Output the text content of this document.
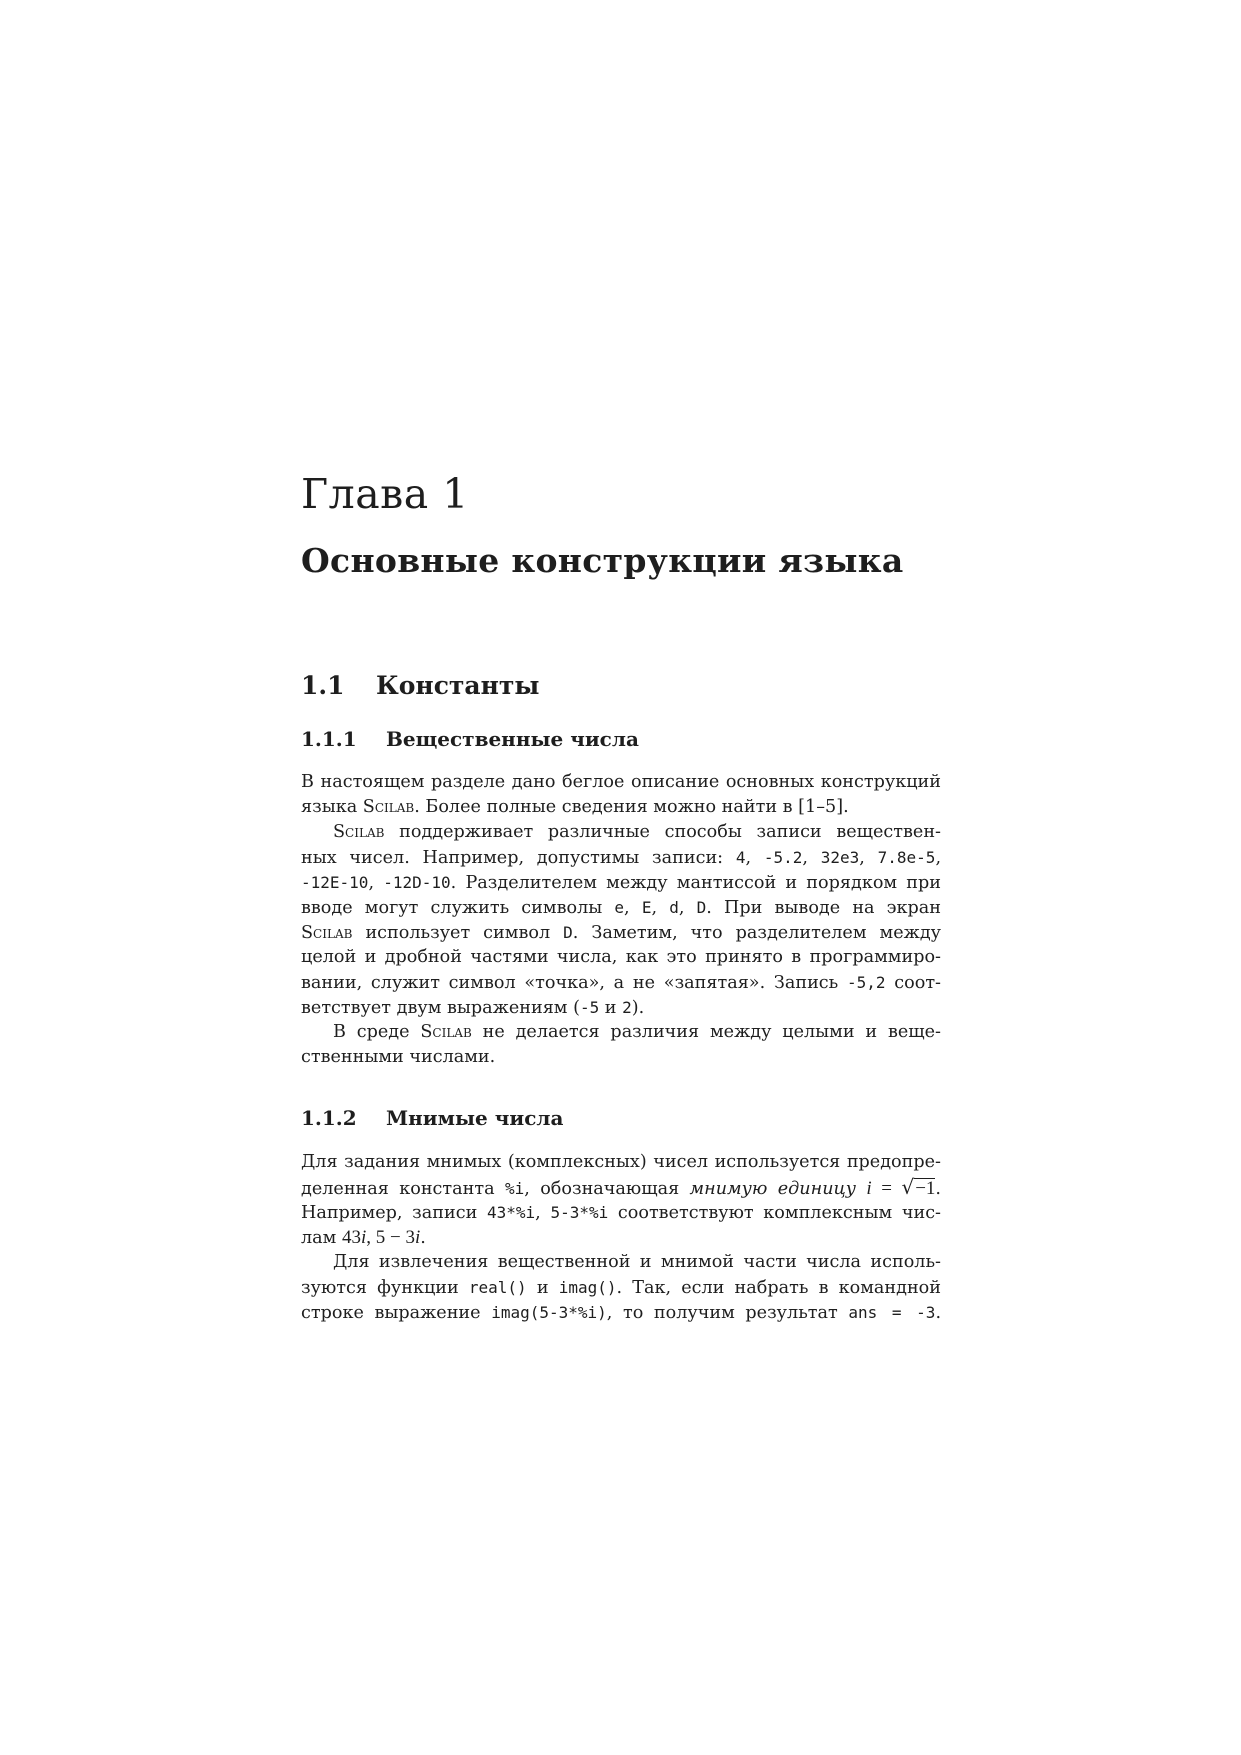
Глава 1
Основные конструкции языка
1.1 Константы
1.1.1 Вещественные числа
В настоящем разделе дано беглое описание основных конструкций
языка Scilab. Более полные сведения можно найти в [1–5].
Scilab поддерживает различные способы записи веществен-
ных чисел. Например, допустимы записи: 4, -5.2, 32e3, 7.8e-5,
-12E-10, -12D-10. Разделителем между мантиссой и порядком при
вводе могут служить символы e, E, d, D. При выводе на экран
Scilab использует символ D. Заметим, что разделителем между
целой и дробной частями числа, как это принято в программиро-
вании, служит символ «точка», а не «запятая». Запись -5,2 соот-
ветствует двум выражениям (-5 и 2).
В среде Scilab не делается различия между целыми и веще-
ственными числами.
1.1.2 Мнимые числа
Для задания мнимых (комплексных) чисел используется предопре-
деленная константа %i, обозначающая мнимую единицу i = √−1.
Например, записи 43*%i, 5-3*%i соответствуют комплексным чис-
лам 43i, 5 − 3i.
Для извлечения вещественной и мнимой части числа исполь-
зуются функции real() и imag(). Так, если набрать в командной
строке выражение imag(5-3*%i), то получим результат ans = -3.
